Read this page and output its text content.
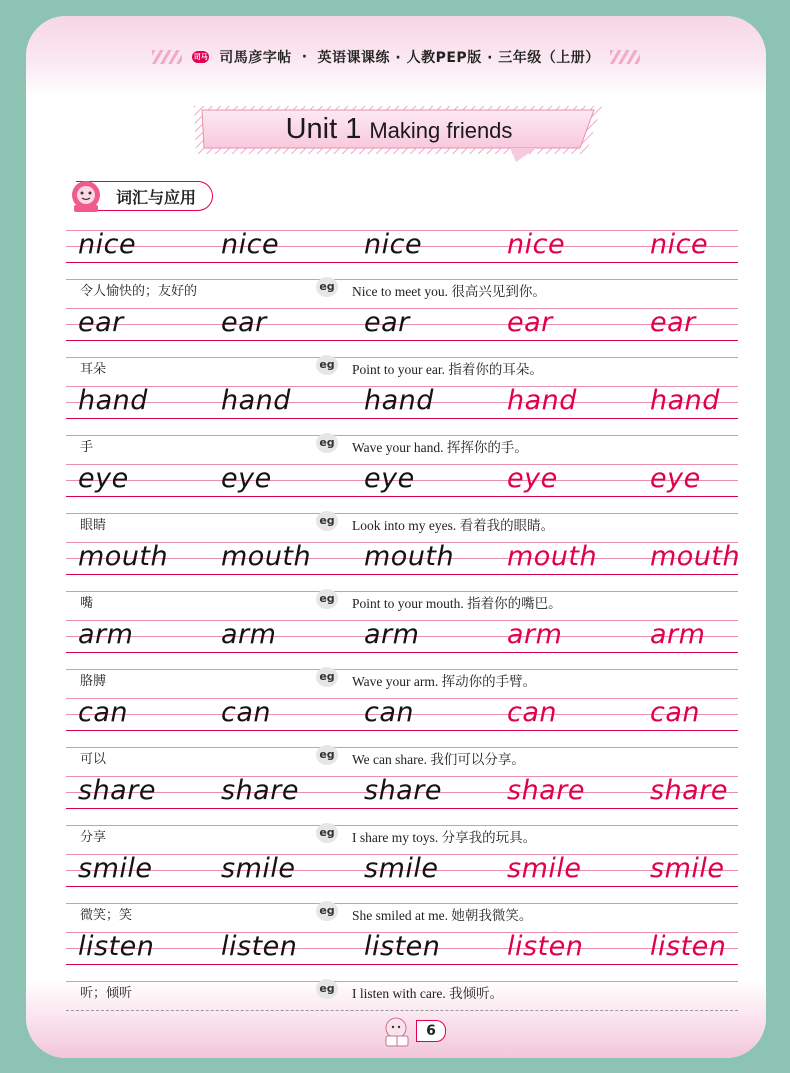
司马 司馬彦字帖 · 英语课课练 · 人教PEP版 · 三年级（上册）
Unit 1 Making friends
词汇与应用
nice	nice	nice	nice	nice
令人愉快的；友好的	eg Nice to meet you. 很高兴见到你。
ear	ear	ear	ear	ear
耳朵	eg Point to your ear. 指着你的耳朵。
hand	hand	hand	hand	hand
手	eg Wave your hand. 挥挥你的手。
eye	eye	eye	eye	eye
眼睛	eg Look into my eyes. 看着我的眼睛。
mouth mouth mouth mouth mouth
嘴	eg Point to your mouth. 指着你的嘴巴。
arm	arm	arm	arm	arm
胳膊	eg Wave your arm. 挥动你的手臂。
can	can	can	can	can
可以	eg We can share. 我们可以分享。
share share share share share
分享	eg I share my toys. 分享我的玩具。
smile	smile	smile	smile	smile
微笑；笑	eg She smiled at me. 她朝我微笑。
listen listen listen listen listen
听；倾听	eg I listen with care. 我倾听。
6
